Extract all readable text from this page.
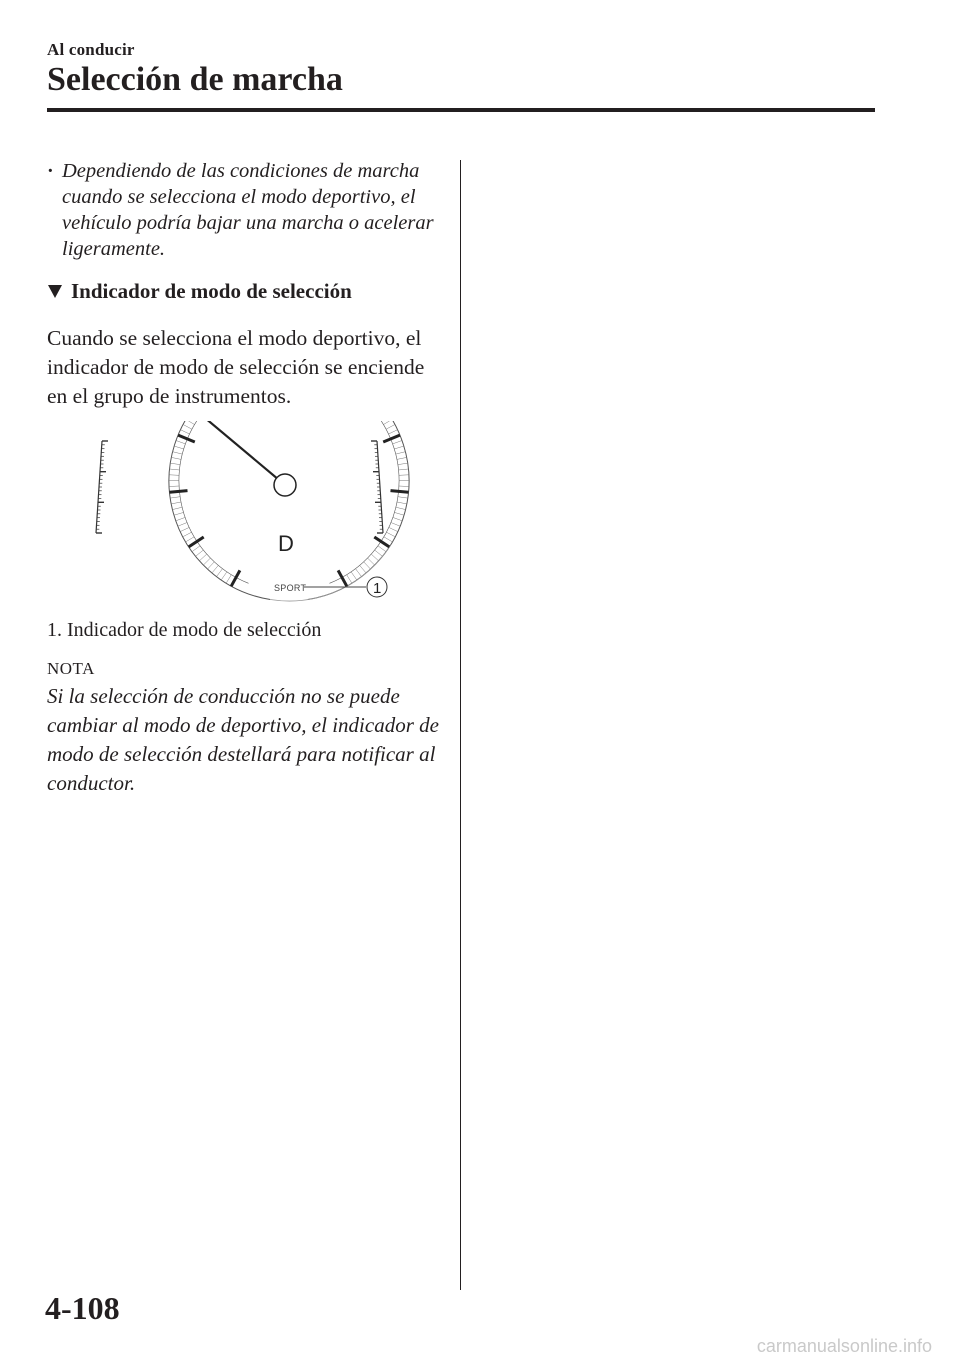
Al conducir
Selección de marcha
· Dependiendo de las condiciones de marcha cuando se selecciona el modo deportivo, el vehículo podría bajar una marcha o acelerar ligeramente.
Indicador de modo de selección
Cuando se selecciona el modo deportivo, el indicador de modo de selección se enciende en el grupo de instrumentos.
D
SPORT	1
1. Indicador de modo de selección
NOTA
Si la selección de conducción no se puede cambiar al modo de deportivo, el indicador de modo de selección destellará para notificar al conductor.
4-108
carmanualsonline.info
